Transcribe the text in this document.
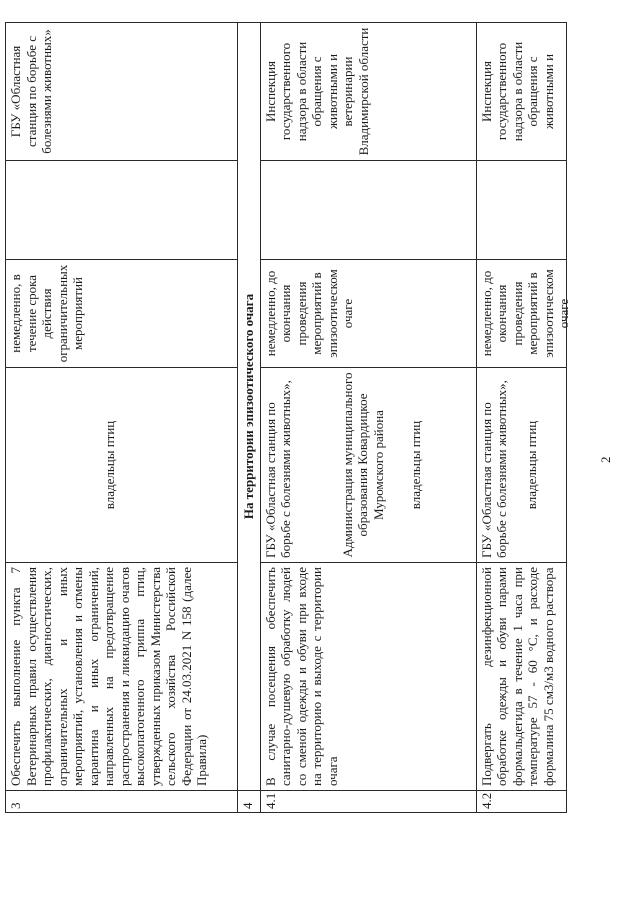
2
3	Обеспечить выполнение пункта 7 Ветеринарных правил осуществления профилактических, диагностических, ограничительных и иных мероприятий, установления и отмены карантина и иных ограничений, направленных на предотвращение распространения и ликвидацию очагов высокопатогенного гриппа птиц, утвержденных приказом Министерства сельского хозяйства Российской Федерации от 24.03.2021 N 158 (далее Правила)	владельцы птиц	немедленно, в течение срока действия ограничительных мероприятий		ГБУ «Областная станция по борьбе с болезнями животных»
4	На территории эпизоотического очага				
4.1	В случае посещения обеспечить санитарно-душевую обработку людей со сменой одежды и обуви при входе на территорию и выходе с территории очага	ГБУ «Областная станция по борьбе с болезнями животных», Администрация муниципального образования Ковардицкое Муромского района владельцы птиц	немедленно, до окончания проведения мероприятий в эпизоотическом очаге		Инспекция государственного надзора в области обращения с животными и ветеринарии Владимирской области
4.2	Подвергать дезинфекционной обработке одежды и обуви парами формальдегида в течение 1 часа при температуре 57 - 60 °С, и расходе формалина 75 см3/м3 водного раствора	ГБУ «Областная станция по борьбе с болезнями животных», владельцы птиц	немедленно, до окончания проведения мероприятий в эпизоотическом очаге		Инспекция государственного надзора в области обращения с животными и
